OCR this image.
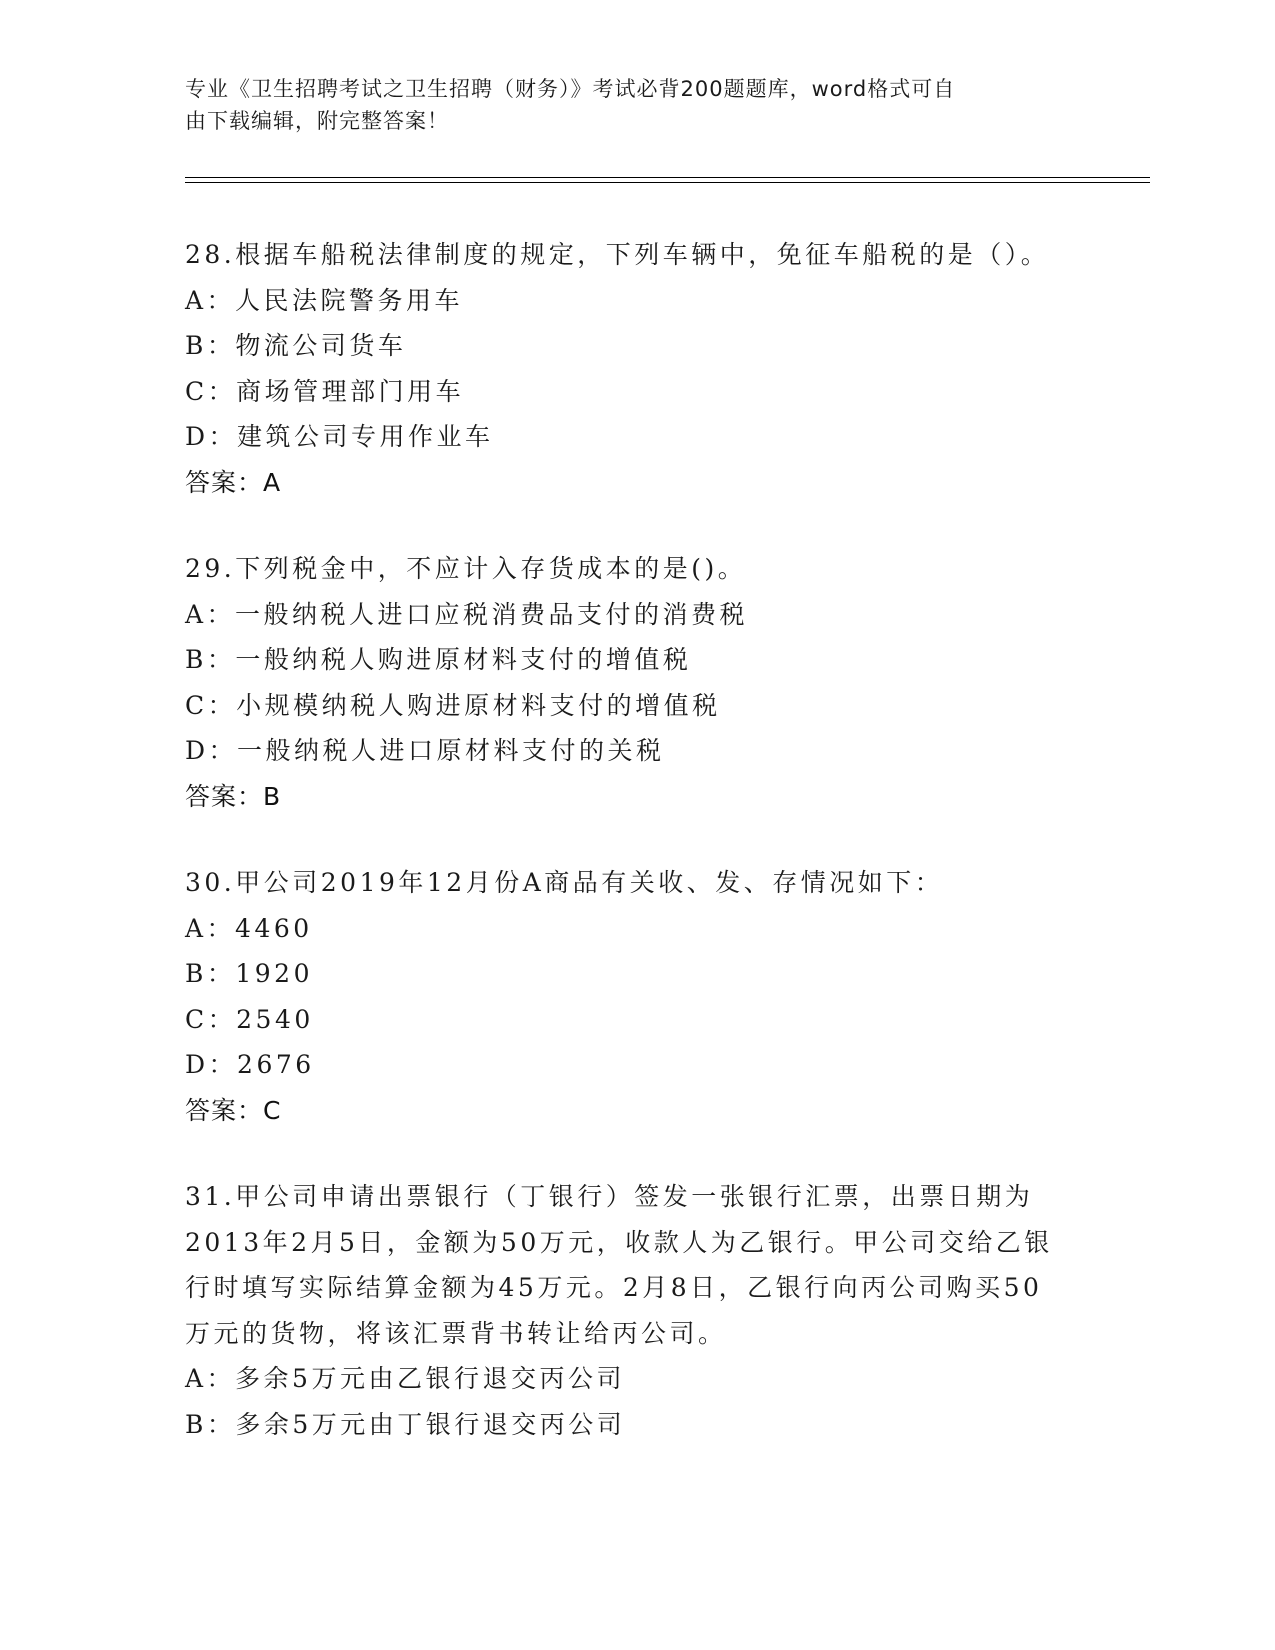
专业《卫生招聘考试之卫生招聘（财务）》考试必背200题题库，word格式可自
由下载编辑，附完整答案！
28.根据车船税法律制度的规定，下列车辆中，免征车船税的是（）。
A：人民法院警务用车
B：物流公司货车
C：商场管理部门用车
D：建筑公司专用作业车
答案：A
29.下列税金中，不应计入存货成本的是()。
A：一般纳税人进口应税消费品支付的消费税
B：一般纳税人购进原材料支付的增值税
C：小规模纳税人购进原材料支付的增值税
D：一般纳税人进口原材料支付的关税
答案：B
30.甲公司2019年12月份A商品有关收、发、存情况如下：
A：4460
B：1920
C：2540
D：2676
答案：C
31.甲公司申请出票银行（丁银行）签发一张银行汇票，出票日期为
2013年2月5日，金额为50万元，收款人为乙银行。甲公司交给乙银
行时填写实际结算金额为45万元。2月8日，乙银行向丙公司购买50
万元的货物，将该汇票背书转让给丙公司。
A：多余5万元由乙银行退交丙公司
B：多余5万元由丁银行退交丙公司
